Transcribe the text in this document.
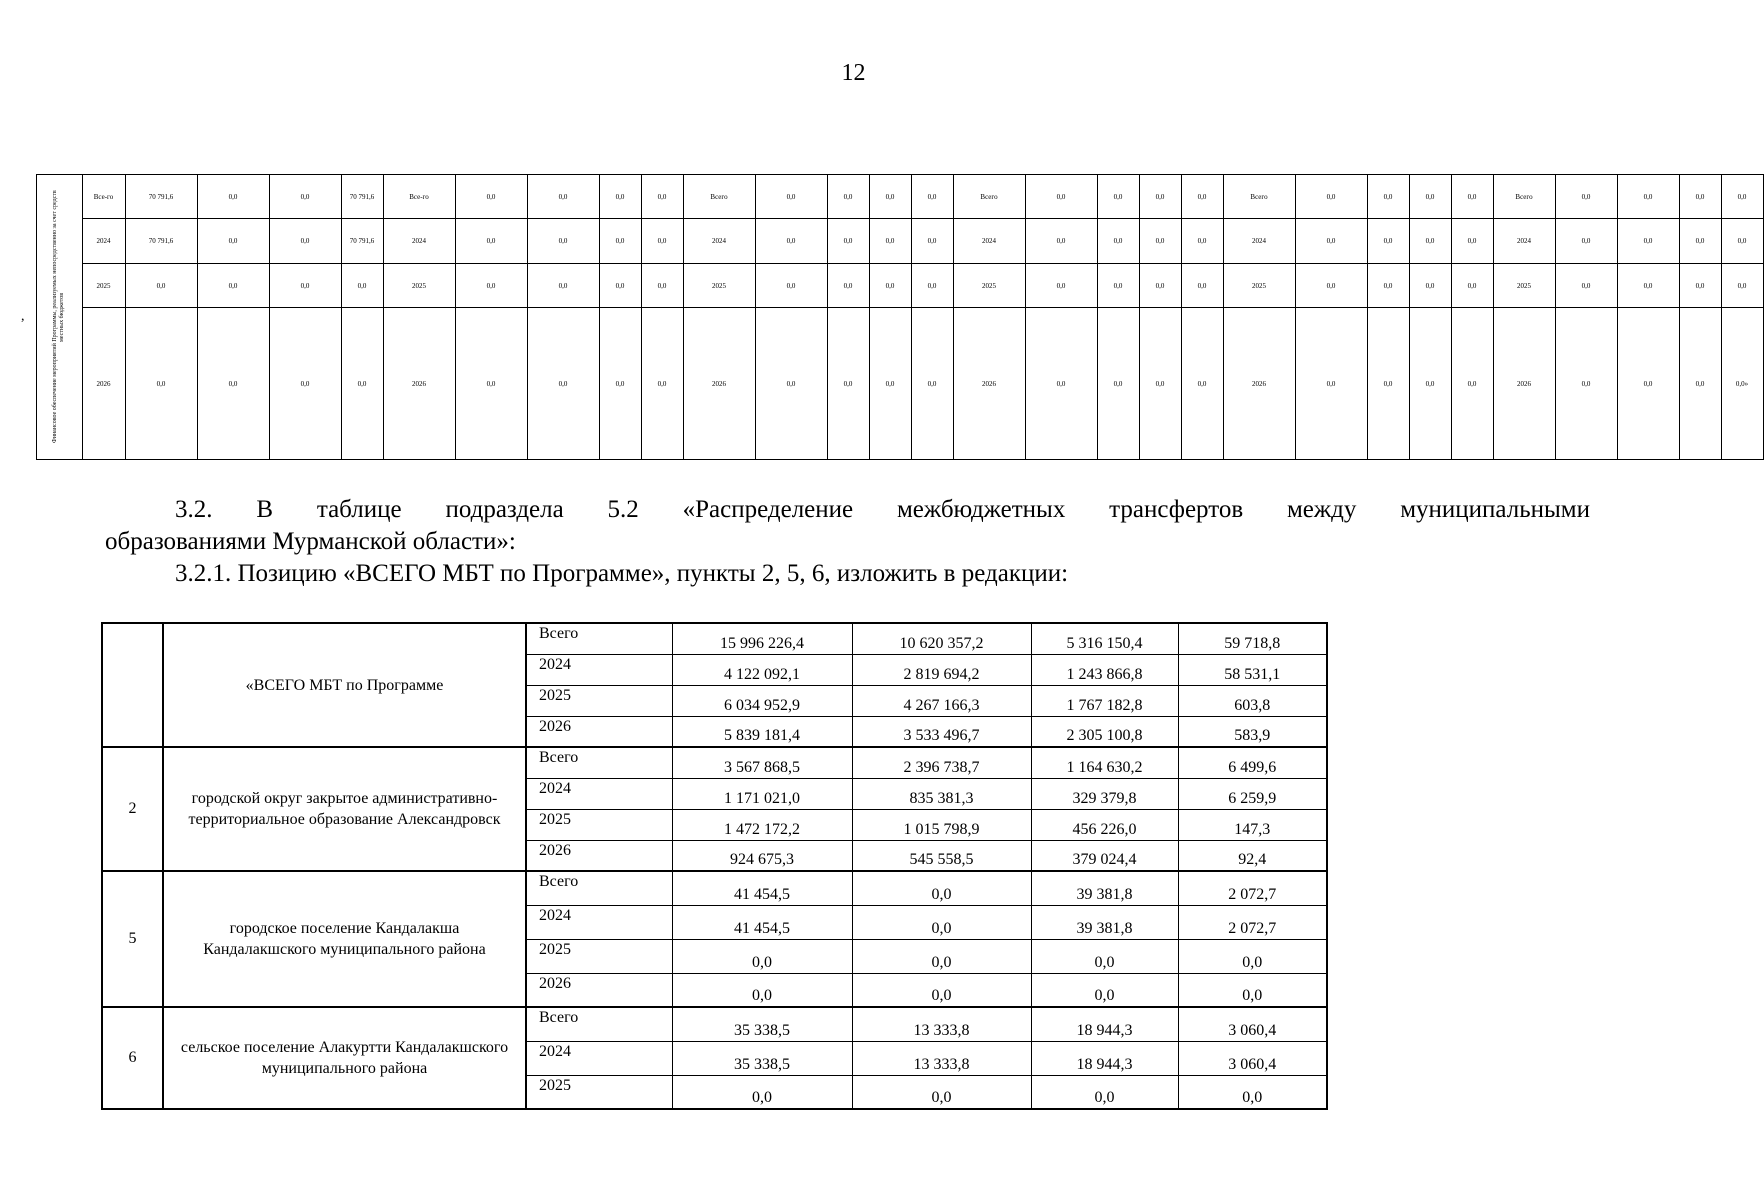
12
,	Финансовое обеспечение мероприятий Программы, реализуемых непосредственно за счет средств местных бюджетов	Все-го	70 791,6	0,0	0,0	70 791,6	Все-го	0,0	0,0	0,0	0,0	Всего	0,0	0,0	0,0	0,0	Всего	0,0	0,0	0,0	0,0	Всего	0,0	0,0	0,0	0,0	Всего	0,0	0,0	0,0	0,0
		2024	70 791,6	0,0	0,0	70 791,6	2024	0,0	0,0	0,0	0,0	2024	0,0	0,0	0,0	0,0	2024	0,0	0,0	0,0	0,0	2024	0,0	0,0	0,0	0,0	2024	0,0	0,0	0,0	0,0
		2025	0,0	0,0	0,0	0,0	2025	0,0	0,0	0,0	0,0	2025	0,0	0,0	0,0	0,0	2025	0,0	0,0	0,0	0,0	2025	0,0	0,0	0,0	0,0	2025	0,0	0,0	0,0	0,0
		2026	0,0	0,0	0,0	0,0	2026	0,0	0,0	0,0	0,0	2026	0,0	0,0	0,0	0,0	2026	0,0	0,0	0,0	0,0	2026	0,0	0,0	0,0	0,0	2026	0,0	0,0	0,0	0,0»
3.2. В таблице подраздела 5.2 «Распределение межбюджетных трансфертов между муниципальными
образованиями Мурманской области»:
3.2.1. Позицию «ВСЕГО МБТ по Программе», пункты 2, 5, 6, изложить в редакции:
	«ВСЕГО МБТ по Программе	Всего	15 996 226,4	10 620 357,2	5 316 150,4	59 718,8
		2024	4 122 092,1	2 819 694,2	1 243 866,8	58 531,1
		2025	6 034 952,9	4 267 166,3	1 767 182,8	603,8
		2026	5 839 181,4	3 533 496,7	2 305 100,8	583,9
2	городской округ закрытое административно-территориальное образование Александровск	Всего	3 567 868,5	2 396 738,7	1 164 630,2	6 499,6
		2024	1 171 021,0	835 381,3	329 379,8	6 259,9
		2025	1 472 172,2	1 015 798,9	456 226,0	147,3
		2026	924 675,3	545 558,5	379 024,4	92,4
5	городское поселение Кандалакша Кандалакшского муниципального района	Всего	41 454,5	0,0	39 381,8	2 072,7
		2024	41 454,5	0,0	39 381,8	2 072,7
		2025	0,0	0,0	0,0	0,0
		2026	0,0	0,0	0,0	0,0
6	сельское поселение Алакуртти Кандалакшского муниципального района	Всего	35 338,5	13 333,8	18 944,3	3 060,4
		2024	35 338,5	13 333,8	18 944,3	3 060,4
		2025	0,0	0,0	0,0	0,0
